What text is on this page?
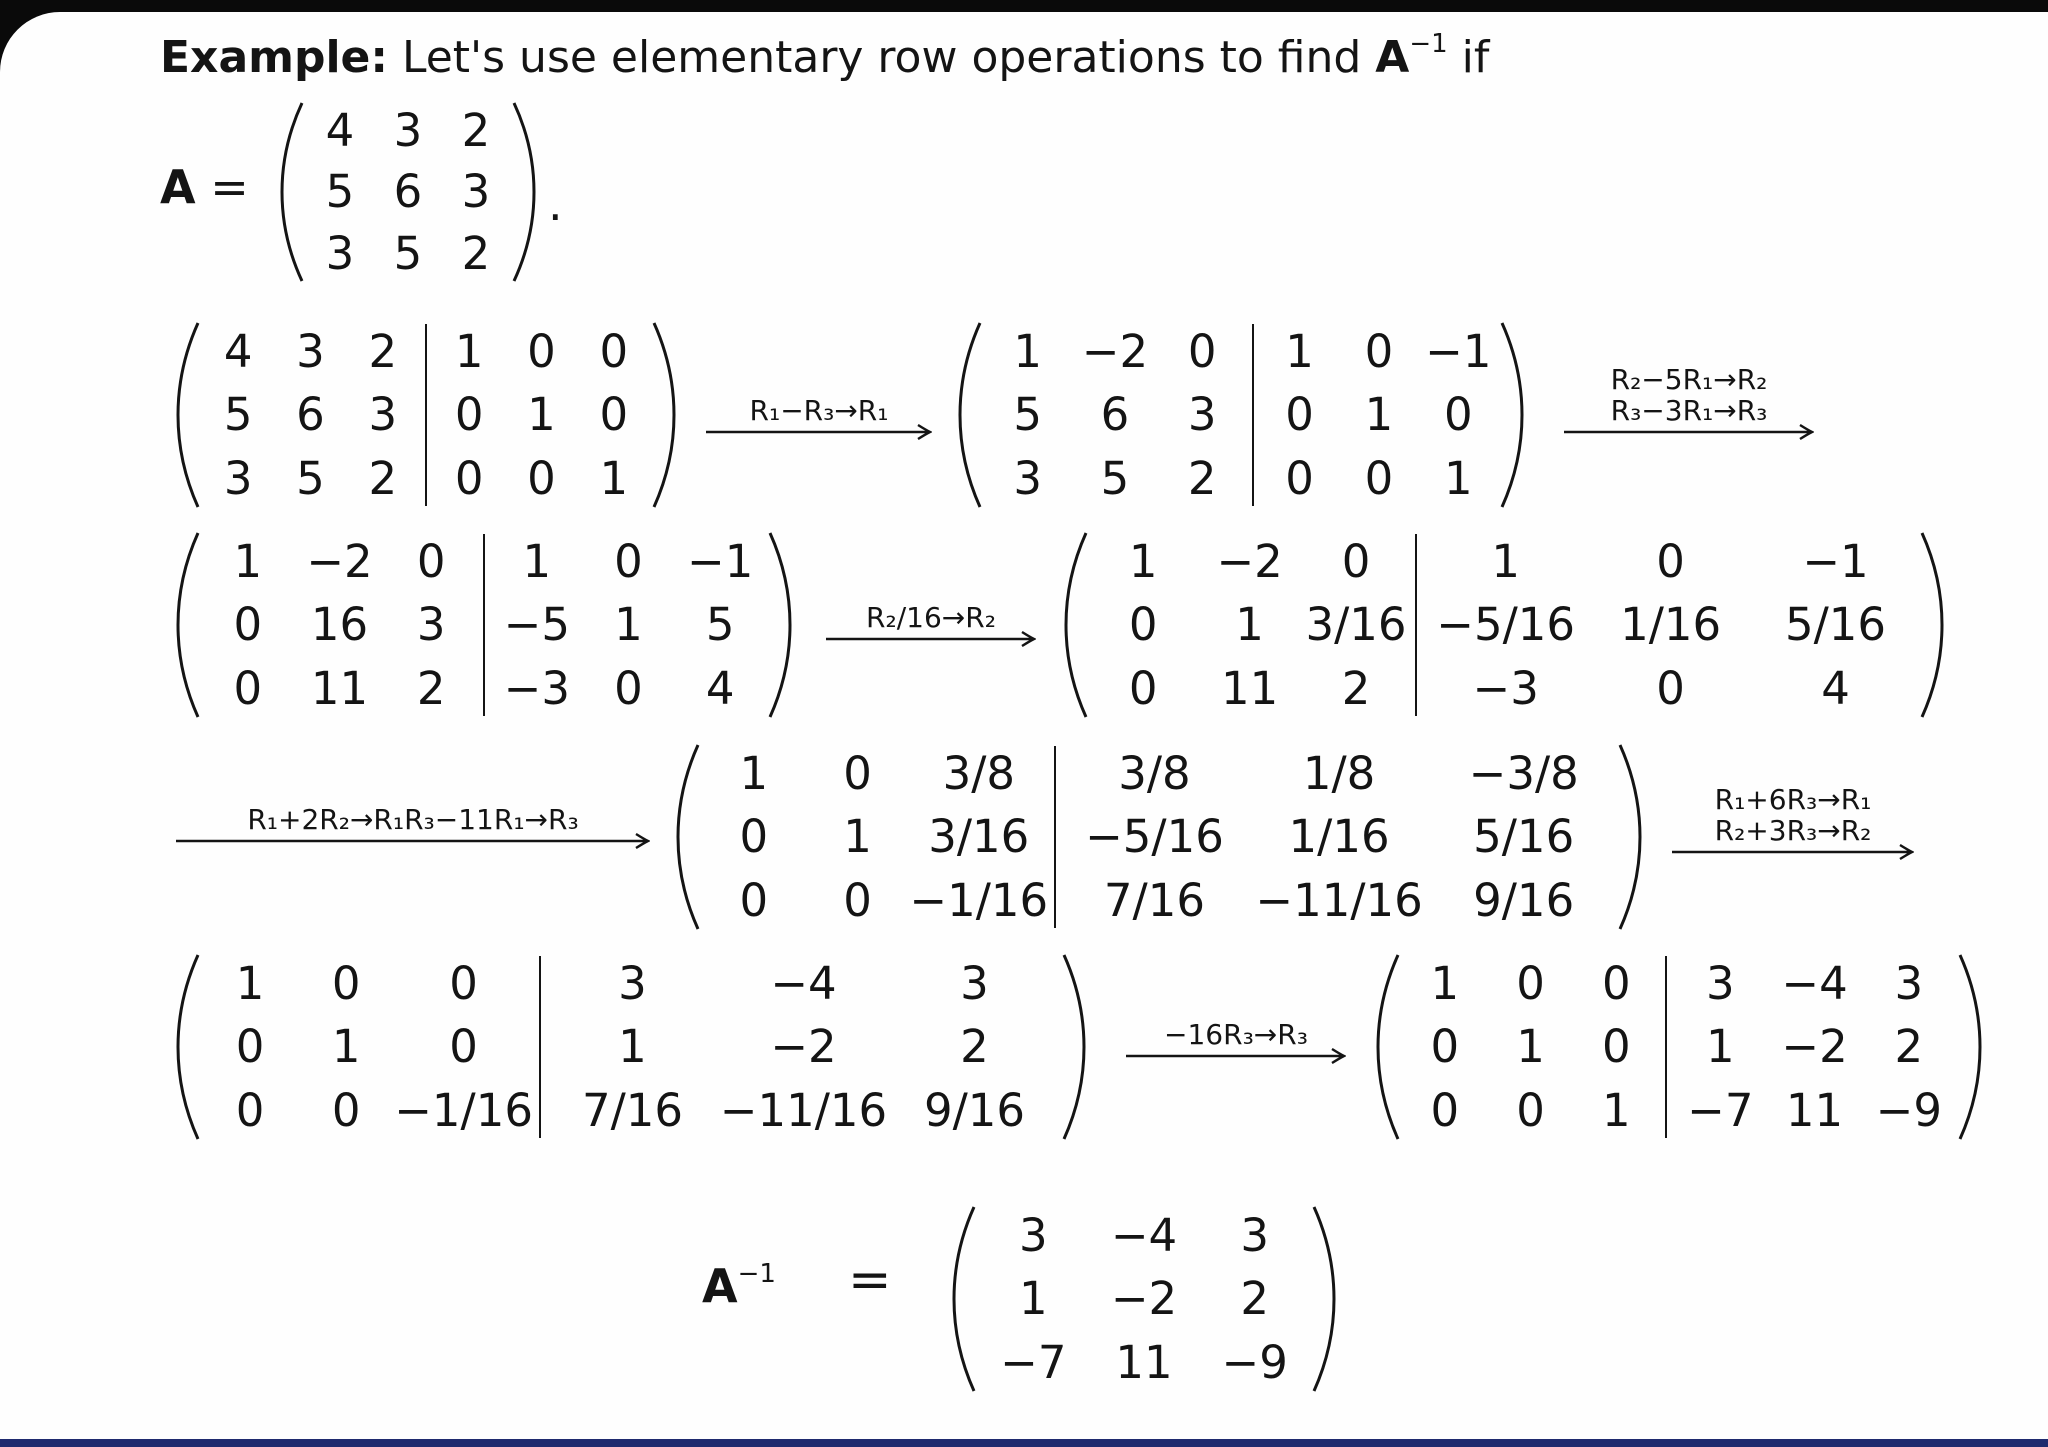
Example: Let's use elementary row operations to find $A^{-1}$ if
A =
4
5
3
3
6
5
2
3
2
.
4
5
3
3
6
5
2
3
2
1
0
0
0
1
0
0
0
1
R₁−R₃→R₁
1
5
3
−2
6
5
0
3
2
1
0
0
0
1
0
−1
0
1
R₂−5R₁→R₂
R₃−3R₁→R₃
1
0
0
−2
16
11
0
3
2
1
−5
−3
0
1
0
−1
5
4
R₂/16→R₂
1
0
0
−2
1
11
0
3/16
2
1
−5/16
−3
0
1/16
0
−1
5/16
4
R₁+2R₂→R₁R₃−11R₁→R₃
1
0
0
0
1
0
3/8
3/16
−1/16
3/8
−5/16
7/16
1/8
1/16
−11/16
−3/8
5/16
9/16
R₁+6R₃→R₁
R₂+3R₃→R₂
1
0
0
0
1
0
0
0
−1/16
3
1
7/16
−4
−2
−11/16
3
2
9/16
−16R₃→R₃
1
0
0
0
1
0
0
0
1
3
1
−7
−4
−2
11
3
2
−9
$A^{-1}$ =
3
1
−7
−4
−2
11
3
2
−9
